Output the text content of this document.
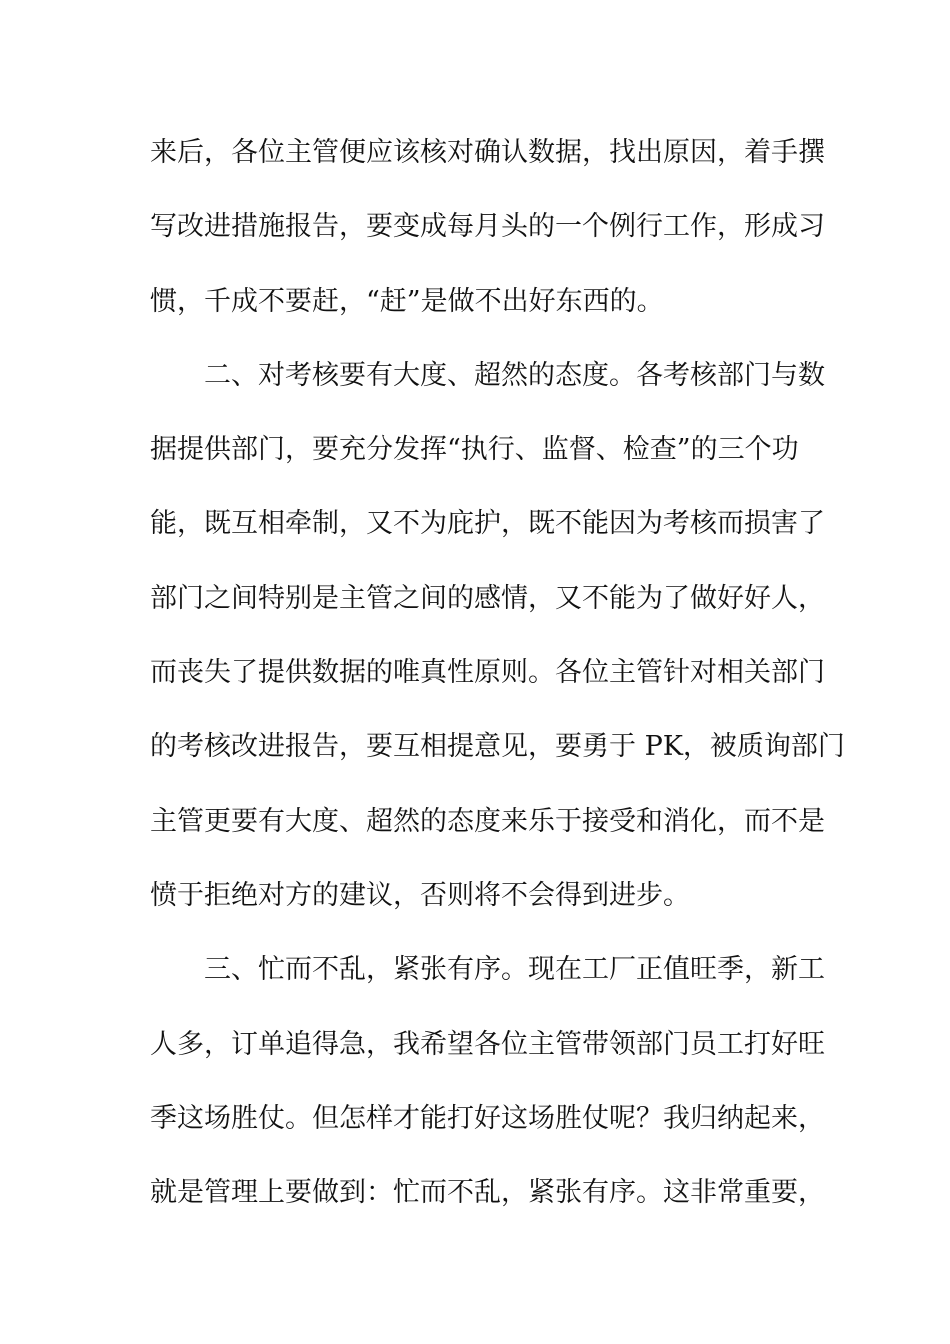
来后，各位主管便应该核对确认数据，找出原因，着手撰
写改进措施报告，要变成每月头的一个例行工作，形成习
惯，千成不要赶，“赶”是做不出好东西的。
二、对考核要有大度、超然的态度。各考核部门与数
据提供部门，要充分发挥“执行、监督、检查”的三个功
能，既互相牵制，又不为庇护，既不能因为考核而损害了
部门之间特别是主管之间的感情，又不能为了做好好人，
而丧失了提供数据的唯真性原则。各位主管针对相关部门
的考核改进报告，要互相提意见，要勇于 PK，被质询部门
主管更要有大度、超然的态度来乐于接受和消化，而不是
愤于拒绝对方的建议，否则将不会得到进步。
三、忙而不乱，紧张有序。现在工厂正值旺季，新工
人多，订单追得急，我希望各位主管带领部门员工打好旺
季这场胜仗。但怎样才能打好这场胜仗呢？我归纳起来，
就是管理上要做到：忙而不乱，紧张有序。这非常重要，
